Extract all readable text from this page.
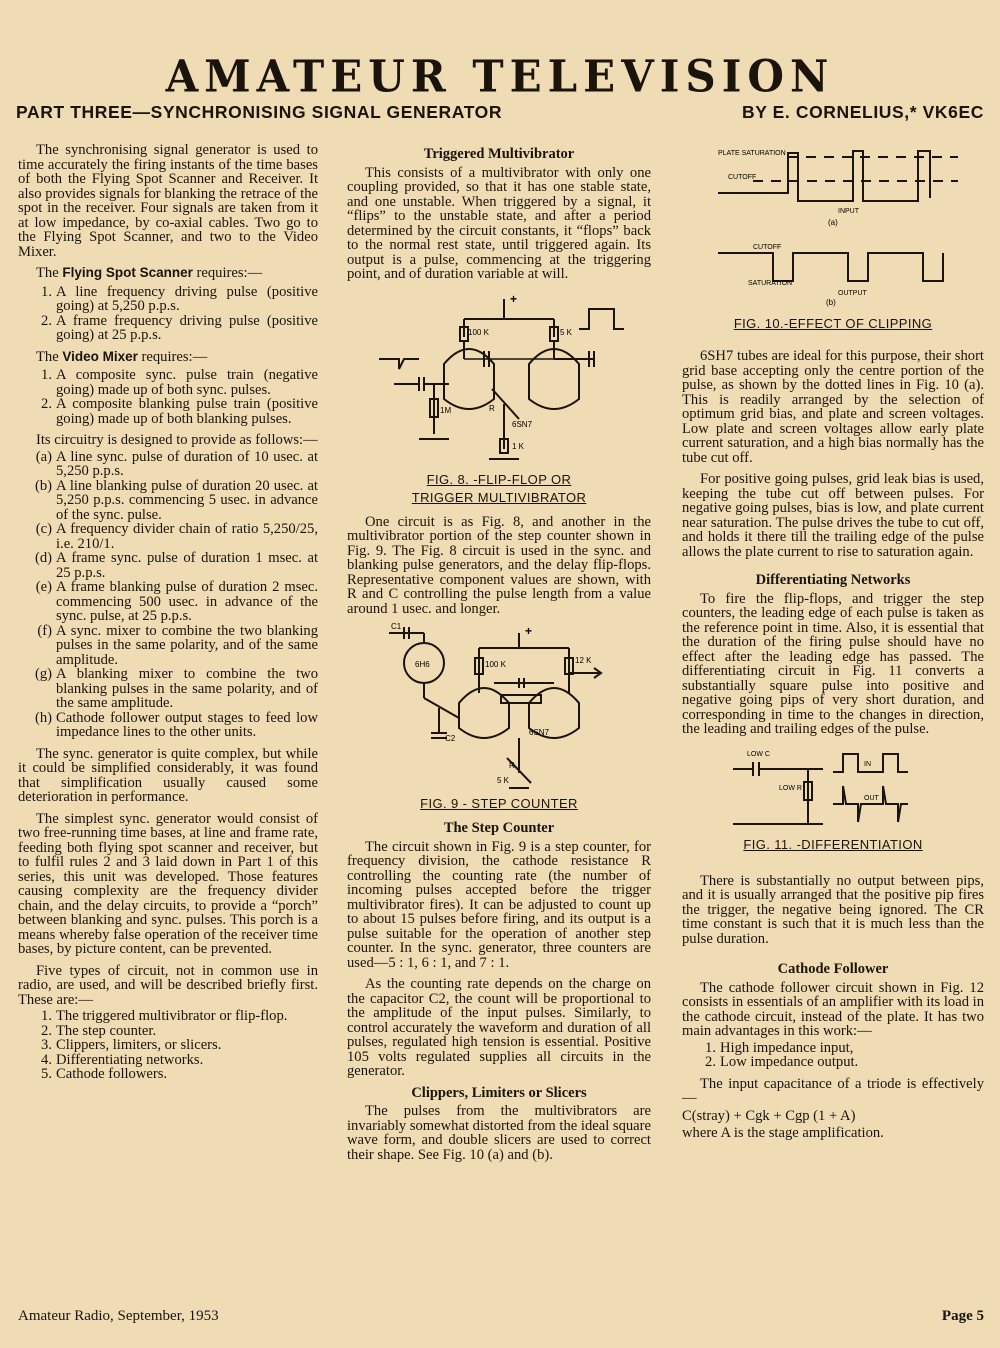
AMATEUR TELEVISION
PART THREE—SYNCHRONISING SIGNAL GENERATOR	BY E. CORNELIUS,* VK6EC

The synchronising signal generator is used to time accurately the firing instants of the time bases of both the Flying Spot Scanner and Receiver. It also provides signals for blanking the retrace of the spot in the receiver. Four signals are taken from it at low impedance, by co-axial cables. Two go to the Flying Spot Scanner, and two to the Video Mixer.

The Flying Spot Scanner requires:—
1. A line frequency driving pulse (positive going) at 5,250 p.p.s.
2. A frame frequency driving pulse (positive going) at 25 p.p.s.
The Video Mixer requires:—
1. A composite sync. pulse train (negative going) made up of both sync. pulses.
2. A composite blanking pulse train (positive going) made up of both blanking pulses.

Its circuitry is designed to provide as follows:—

(a) A line sync. pulse of duration of 10 usec. at 5,250 p.p.s.
(b) A line blanking pulse of duration 20 usec. at 5,250 p.p.s. commencing 5 usec. in advance of the sync. pulse.
(c) A frequency divider chain of ratio 5,250/25, i.e. 210/1.
(d) A frame sync. pulse of duration 1 msec. at 25 p.p.s.
(e) A frame blanking pulse of duration 2 msec. commencing 500 usec. in advance of the sync. pulse, at 25 p.p.s.
(f) A sync. mixer to combine the two blanking pulses in the same polarity, and of the same amplitude.
(g) A blanking mixer to combine the two blanking pulses in the same polarity, and of the same amplitude.
(h) Cathode follower output stages to feed low impedance lines to the other units.

The sync. generator is quite complex, but while it could be simplified considerably, it was found that simplification usually caused some deterioration in performance.

The simplest sync. generator would consist of two free-running time bases, at line and frame rate, feeding both flying spot scanner and receiver, but to fulfil rules 2 and 3 laid down in Part 1 of this series, this unit was developed. Those features causing complexity are the frequency divider chain, and the delay circuits, to provide a “porch” between blanking and sync. pulses. This porch is a means whereby false operation of the receiver time bases, by picture content, can be prevented.

Five types of circuit, not in common use in radio, are used, and will be described briefly first. These are:—

1. The triggered multivibrator or flip-flop.
2. The step counter.
3. Clippers, limiters, or slicers.
4. Differentiating networks.
5. Cathode followers.
Triggered Multivibrator

This consists of a multivibrator with only one coupling provided, so that it has one stable state, and one unstable. When triggered by a signal, it “flips” to the unstable state, and after a period determined by the circuit constants, it “flops” back to the normal rest state, until triggered again. Its output is a pulse, commencing at the triggering point, and of duration variable at will.

+
100 K	5 K
1M	R
6SN7
1 K
FIG. 8. -FLIP-FLOP OR
TRIGGER MULTIVIBRATOR

One circuit is as Fig. 8, and another in the multivibrator portion of the step counter shown in Fig. 9. The Fig. 8 circuit is used in the sync. and blanking pulse generators, and the delay flip-flops. Representative component values are shown, with R and C controlling the pulse length from a value around 1 usec. and longer.

C1
C2
6H6	100 K	12 K
6SN7
R
5 K
+
FIG. 9 - STEP COUNTER
The Step Counter

The circuit shown in Fig. 9 is a step counter, for frequency division, the cathode resistance R controlling the counting rate (the number of incoming pulses accepted before the trigger multivibrator fires). It can be adjusted to count up to about 15 pulses before firing, and its output is a pulse suitable for the operation of another step counter. In the sync. generator, three counters are used—5 : 1, 6 : 1, and 7 : 1.

As the counting rate depends on the charge on the capacitor C2, the count will be proportional to the amplitude of the input pulses. Similarly, to control accurately the waveform and duration of all pulses, regulated high tension is essential. Positive 105 volts regulated supplies all circuits in the generator.

Clippers, Limiters or Slicers

The pulses from the multivibrators are invariably somewhat distorted from the ideal square wave form, and double slicers are used to correct their shape. See Fig. 10 (a) and (b).

PLATE SATURATION
CUTOFF
INPUT
(a)
CUTOFF
SATURATION
OUTPUT
(b)
FIG. 10.-EFFECT OF CLIPPING

6SH7 tubes are ideal for this purpose, their short grid base accepting only the centre portion of the pulse, as shown by the dotted lines in Fig. 10 (a). This is readily arranged by the selection of optimum grid bias, and plate and screen voltages. Low plate and screen voltages allow early plate current saturation, and a high bias normally has the tube cut off.

For positive going pulses, grid leak bias is used, keeping the tube cut off between pulses. For negative going pulses, bias is low, and plate current near saturation. The pulse drives the tube to cut off, and holds it there till the trailing edge of the pulse allows the plate current to rise to saturation again.

Differentiating Networks

To fire the flip-flops, and trigger the step counters, the leading edge of each pulse is taken as the reference point in time. Also, it is essential that the duration of the firing pulse should have no effect after the leading edge has passed. The differentiating circuit in Fig. 11 converts a substantially square pulse into positive and negative going pips of very short duration, and corresponding in time to the changes in direction, the leading and trailing edges of the pulse.

LOW C
LOW R
IN
OUT
FIG. 11. -DIFFERENTIATION

There is substantially no output between pips, and it is usually arranged that the positive pip fires the trigger, the negative being ignored. The CR time constant is such that it is much less than the pulse duration.

Cathode Follower

The cathode follower circuit shown in Fig. 12 consists in essentials of an amplifier with its load in the cathode circuit, instead of the plate. It has two main advantages in this work:—

1. High impedance input,
2. Low impedance output.

The input capacitance of a triode is effectively—

C(stray) + Cgk + Cgp (1 + A)
where A is the stage amplification.
Amateur Radio, September, 1953	Page 5
